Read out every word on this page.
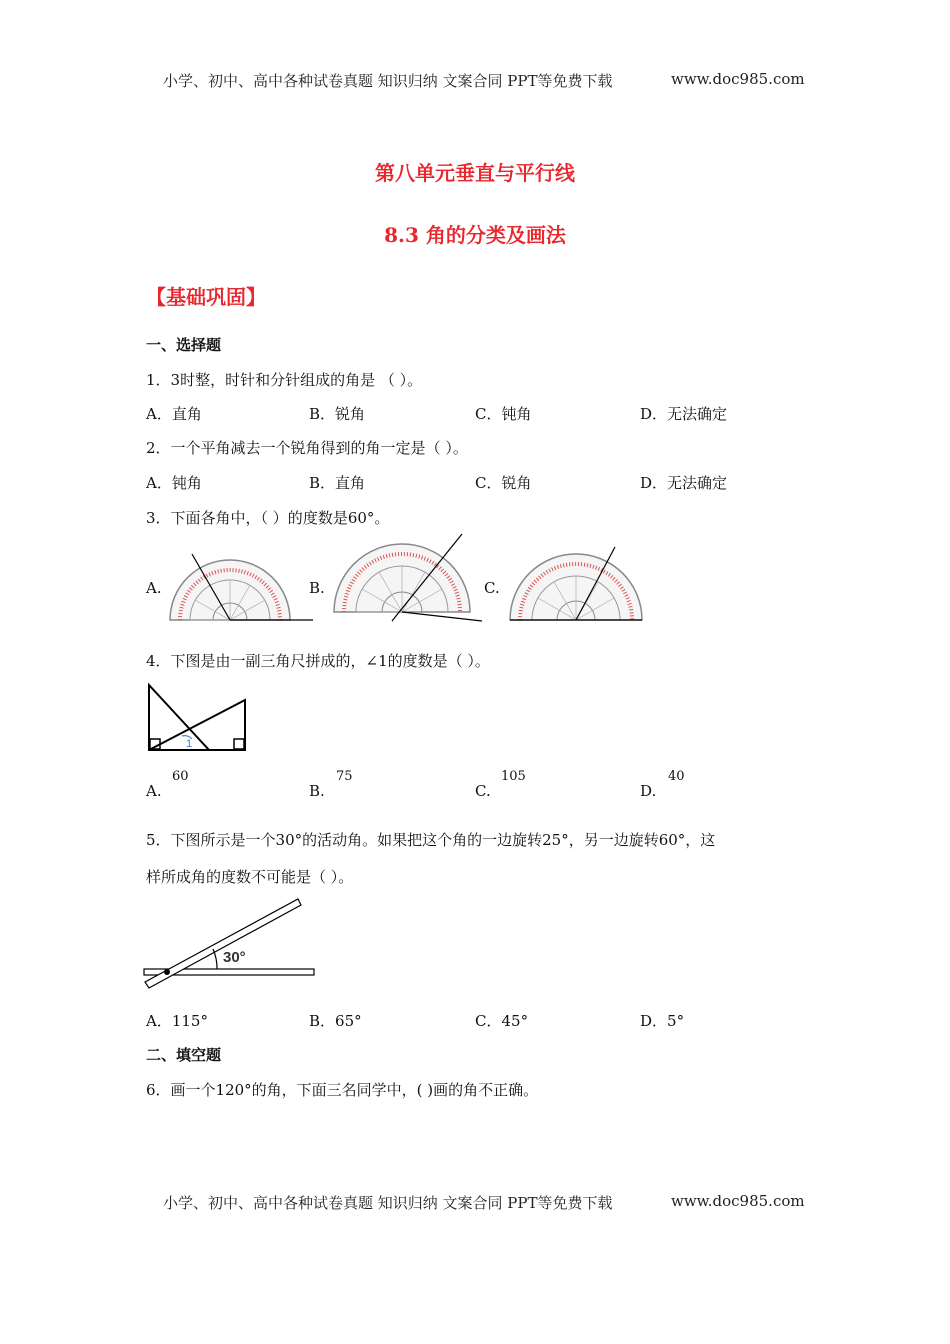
小学、初中、高中各种试卷真题 知识归纳 文案合同 PPT等免费下载	www.doc985.com
第八单元垂直与平行线
8.3 角的分类及画法
【基础巩固】
一、选择题
1．3时整，时针和分针组成的角是 （ ）。
A．直角	B．锐角	C．钝角	D．无法确定
2．一个平角减去一个锐角得到的角一定是（ ）。
A．钝角	B．直角	C．锐角	D．无法确定
3．下面各角中，（ ）的度数是60°。
A.	B.	C.
4．下图是由一副三角尺拼成的，∠1的度数是（ ）。
1
A.
60
B.
75
C.
105
D.
40
5．下图所示是一个30°的活动角。如果把这个角的一边旋转25°，另一边旋转60°，这
样所成角的度数不可能是（ ）。
30°
A．115°	B．65°	C．45°	D．5°
二、填空题
6．画一个120°的角，下面三名同学中，( )画的角不正确。
小学、初中、高中各种试卷真题 知识归纳 文案合同 PPT等免费下载	www.doc985.com
